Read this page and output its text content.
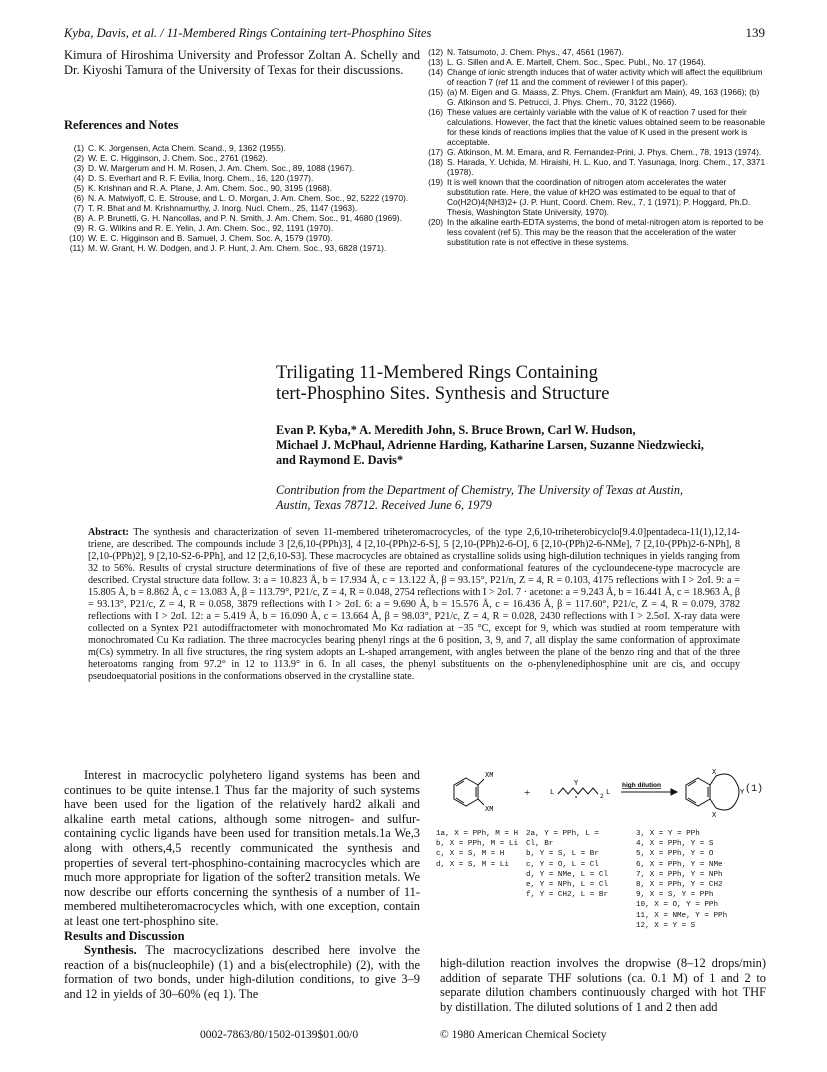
Kyba, Davis, et al. / 11-Membered Rings Containing tert-Phosphino Sites	139
Kimura of Hiroshima University and Professor Zoltan A. Schelly and Dr. Kiyoshi Tamura of the University of Texas for their discussions.
References and Notes
(1) C. K. Jorgensen, Acta Chem. Scand., 9, 1362 (1955).
(2) W. E. C. Higginson, J. Chem. Soc., 2761 (1962).
(3) D. W. Margerum and H. M. Rosen, J. Am. Chem. Soc., 89, 1088 (1967).
(4) D. S. Everhart and R. F. Evilia, Inorg. Chem., 16, 120 (1977).
(5) K. Krishnan and R. A. Plane, J. Am. Chem. Soc., 90, 3195 (1968).
(6) N. A. Matwiyoff, C. E. Strouse, and L. O. Morgan, J. Am. Chem. Soc., 92, 5222 (1970).
(7) T. R. Bhat and M. Krishnamurthy, J. Inorg. Nucl. Chem., 25, 1147 (1963).
(8) A. P. Brunetti, G. H. Nancollas, and P. N. Smith, J. Am. Chem. Soc., 91, 4680 (1969).
(9) R. G. Wilkins and R. E. Yelin, J. Am. Chem. Soc., 92, 1191 (1970).
(10) W. E. C. Higginson and B. Samuel, J. Chem. Soc. A, 1579 (1970).
(11) M. W. Grant, H. W. Dodgen, and J. P. Hunt, J. Am. Chem. Soc., 93, 6828 (1971).
(12) N. Tatsumoto, J. Chem. Phys., 47, 4561 (1967).
(13) L. G. Sillen and A. E. Martell, Chem. Soc., Spec. Publ., No. 17 (1964).
(14) Change of ionic strength induces that of water activity which will affect the equilibrium of reaction 7 (ref 11 and the comment of reviewer I of this paper).
(15) (a) M. Eigen and G. Maass, Z. Phys. Chem. (Frankfurt am Main), 49, 163 (1966); (b) G. Atkinson and S. Petrucci, J. Phys. Chem., 70, 3122 (1966).
(16) These values are certainly variable with the value of K of reaction 7 used for their calculations. However, the fact that the kinetic values obtained seem to be reasonable for these kinds of reactions implies that the value of K used in the present work is acceptable.
(17) G. Atkinson, M. M. Emara, and R. Fernandez-Prini, J. Phys. Chem., 78, 1913 (1974).
(18) S. Harada, Y. Uchida, M. Hiraishi, H. L. Kuo, and T. Yasunaga, Inorg. Chem., 17, 3371 (1978).
(19) It is well known that the coordination of nitrogen atom accelerates the water substitution rate. Here, the value of kH2O was estimated to be equal to that of Co(H2O)4(NH3)2+ (J. P. Hunt, Coord. Chem. Rev., 7, 1 (1971); P. Hoggard, Ph.D. Thesis, Washington State University, 1970).
(20) In the alkaline earth-EDTA systems, the bond of metal-nitrogen atom is reported to be less covalent (ref 5). This may be the reason that the acceleration of the water substitution rate is not effective in these systems.
Triligating 11-Membered Rings Containing
tert-Phosphino Sites. Synthesis and Structure
Evan P. Kyba,* A. Meredith John, S. Bruce Brown, Carl W. Hudson,
Michael J. McPhaul, Adrienne Harding, Katharine Larsen, Suzanne Niedzwiecki,
and Raymond E. Davis*
Contribution from the Department of Chemistry, The University of Texas at Austin,
Austin, Texas 78712. Received June 6, 1979
Abstract: The synthesis and characterization of seven 11-membered triheteromacrocycles, of the type 2,6,10-triheterobicyclo[9.4.0]pentadeca-11(1),12,14-triene, are described. The compounds include 3 [2,6,10-(PPh)3], 4 [2,10-(PPh)2-6-S], 5 [2,10-(PPh)2-6-O], 6 [2,10-(PPh)2-6-NMe], 7 [2,10-(PPh)2-6-NPh], 8 [2,10-(PPh)2], 9 [2,10-S2-6-PPh], and 12 [2,6,10-S3]. These macrocycles are obtained as crystalline solids using high-dilution techniques in yields ranging from 32 to 56%. Results of crystal structure determinations of five of these are reported and conformational features of the cycloundecene-type macrocycle are described. Crystal structure data follow. 3: a = 10.823 Å, b = 17.934 Å, c = 13.122 Å, β = 93.15°, P21/n, Z = 4, R = 0.103, 4175 reflections with I > 2σI. 9: a = 15.805 Å, b = 8.862 Å, c = 13.083 Å, β = 113.79°, P21/c, Z = 4, R = 0.048, 2754 reflections with I > 2σI. 7 · acetone: a = 9.243 Å, b = 16.441 Å, c = 18.963 Å, β = 93.13°, P21/c, Z = 4, R = 0.058, 3879 reflections with I > 2σI. 6: a = 9.690 Å, b = 15.576 Å, c = 16.436 Å, β = 117.60°, P21/c, Z = 4, R = 0.079, 3782 reflections with I > 2σI. 12: a = 5.419 Å, b = 16.090 Å, c = 13.664 Å, β = 98.03°, P21/c, Z = 4, R = 0.028, 2430 reflections with I > 2.5σI. X-ray data were collected on a Syntex P21 autodiffractometer with monochromated Mo Kα radiation at −35 °C, except for 9, which was studied at room temperature with monochromated Cu Kα radiation. The three macrocycles bearing phenyl rings at the 6 position, 3, 9, and 7, all display the same conformation of approximate m(Cs) symmetry. In all five structures, the ring system adopts an L-shaped arrangement, with angles between the plane of the benzo ring and that of the three heteroatoms ranging from 97.2° in 12 to 113.9° in 6. In all cases, the phenyl substituents on the o-phenylenediphosphine unit are cis, and occupy pseudoequatorial positions in the conformations observed in the crystalline state.

Interest in macrocyclic polyhetero ligand systems has been and continues to be quite intense.1 Thus far the majority of such systems have been used for the ligation of the relatively hard2 alkali and alkaline earth metal cations, although some nitrogen- and sulfur-containing cyclic ligands have been used for transition metals.1a We,3 along with others,4,5 recently communicated the synthesis and properties of several tert-phosphino-containing macrocycles which are much more appropriate for ligation of the softer2 transition metals. We now describe our efforts concerning the synthesis of a number of 11-membered multiheteromacrocycles which, with one exception, contain at least one tert-phosphino site.

Results and Discussion

Synthesis. The macrocyclizations described here involve the reaction of a bis(nucleophile) (1) and a bis(electrophile) (2), with the formation of two bonds, under high-dilution conditions, to give 3–9 and 12 in yields of 30–60% (eq 1). The

XM
XM
+	L
Y
2 L
high dilution
X
Y
X
(1)
1a, X = PPh, M = H
b, X = PPh, M = Li
c, X = S, M = H
d, X = S, M = Li
2a, Y = PPh, L = Cl, Br
b, Y = S, L = Br
c, Y = O, L = Cl
d, Y = NMe, L = Cl
e, Y = NPh, L = Cl
f, Y = CH2, L = Br
3, X = Y = PPh
4, X = PPh, Y = S
5, X = PPh, Y = O
6, X = PPh, Y = NMe
7, X = PPh, Y = NPh
8, X = PPh, Y = CH2
9, X = S, Y = PPh
10, X = O, Y = PPh
11, X = NMe, Y = PPh
12, X = Y = S
high-dilution reaction involves the dropwise (8–12 drops/min) addition of separate THF solutions (ca. 0.1 M) of 1 and 2 to separate dilution chambers continuously charged with hot THF by distillation. The diluted solutions of 1 and 2 then add
0002-7863/80/1502-0139$01.00/0	© 1980 American Chemical Society
